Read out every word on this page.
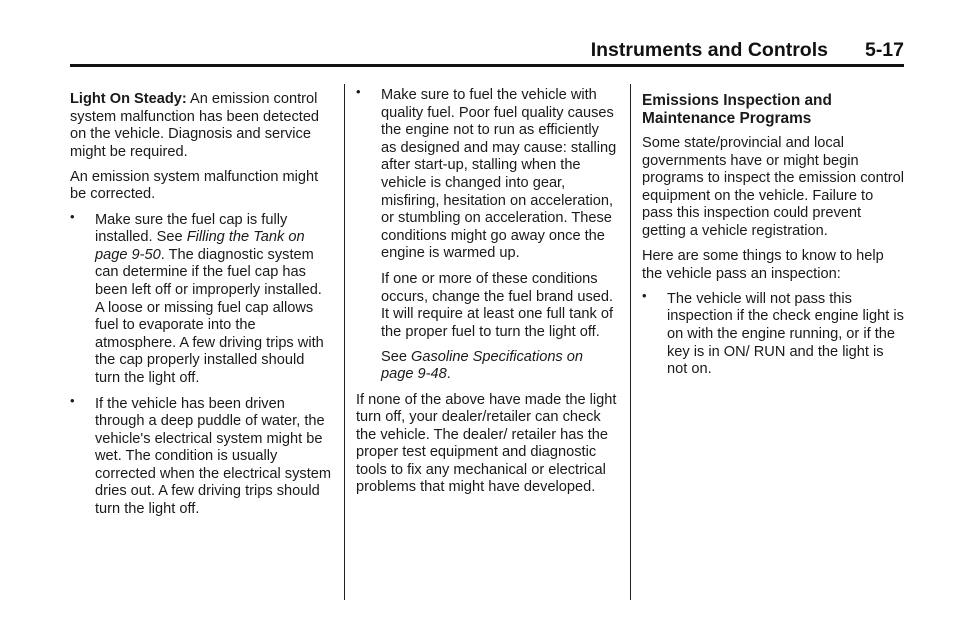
Instruments and Controls	5-17

Light On Steady: An emission control system malfunction has been detected on the vehicle. Diagnosis and service might be required.

An emission system malfunction might be corrected.

• Make sure the fuel cap is fully installed. See Filling the Tank on page 9-50. The diagnostic system can determine if the fuel cap has been left off or improperly installed. A loose or missing fuel cap allows fuel to evaporate into the atmosphere. A few driving trips with the cap properly installed should turn the light off.
• If the vehicle has been driven through a deep puddle of water, the vehicle's electrical system might be wet. The condition is usually corrected when the electrical system dries out. A few driving trips should turn the light off.
• Make sure to fuel the vehicle with quality fuel. Poor fuel quality causes the engine not to run as efficiently as designed and may cause: stalling after start-up, stalling when the vehicle is changed into gear, misfiring, hesitation on acceleration, or stumbling on acceleration. These conditions might go away once the engine is warmed up.

If one or more of these conditions occurs, change the fuel brand used. It will require at least one full tank of the proper fuel to turn the light off.

See Gasoline Specifications on page 9-48.

If none of the above have made the light turn off, your dealer/retailer can check the vehicle. The dealer/ retailer has the proper test equipment and diagnostic tools to fix any mechanical or electrical problems that might have developed.

Emissions Inspection and Maintenance Programs

Some state/provincial and local governments have or might begin programs to inspect the emission control equipment on the vehicle. Failure to pass this inspection could prevent getting a vehicle registration.

Here are some things to know to help the vehicle pass an inspection:

• The vehicle will not pass this inspection if the check engine light is on with the engine running, or if the key is in ON/ RUN and the light is not on.
